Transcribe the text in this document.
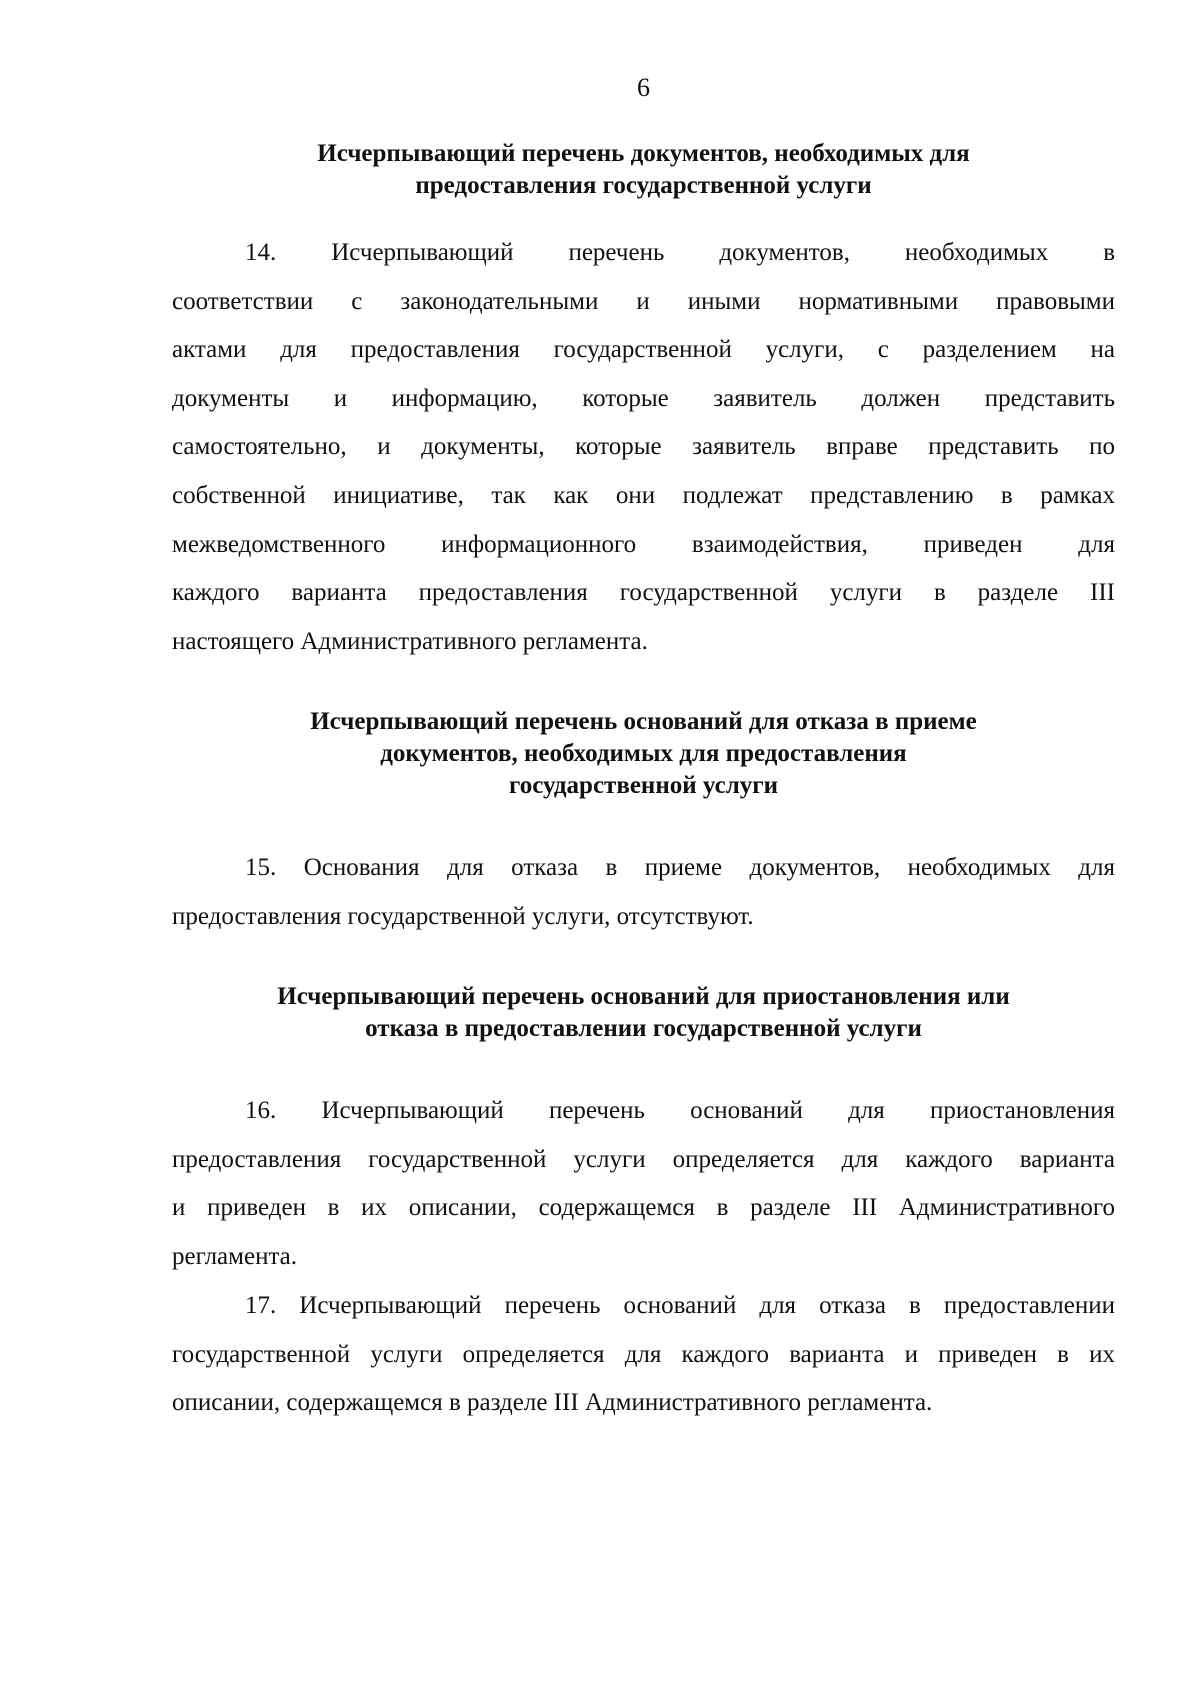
6
Исчерпывающий перечень документов, необходимых для
предоставления государственной услуги
14. Исчерпывающий перечень документов, необходимых в
соответствии с законодательными и иными нормативными правовыми
актами для предоставления государственной услуги, с разделением на
документы и информацию, которые заявитель должен представить
самостоятельно, и документы, которые заявитель вправе представить по
собственной инициативе, так как они подлежат представлению в рамках
межведомственного информационного взаимодействия, приведен для
каждого варианта предоставления государственной услуги в разделе III
настоящего Административного регламента.
Исчерпывающий перечень оснований для отказа в приеме
документов, необходимых для предоставления
государственной услуги
15. Основания для отказа в приеме документов, необходимых для
предоставления государственной услуги, отсутствуют.
Исчерпывающий перечень оснований для приостановления или
отказа в предоставлении государственной услуги
16. Исчерпывающий перечень оснований для приостановления
предоставления государственной услуги определяется для каждого варианта
и приведен в их описании, содержащемся в разделе III Административного
регламента.
17. Исчерпывающий перечень оснований для отказа в предоставлении
государственной услуги определяется для каждого варианта и приведен в их
описании, содержащемся в разделе III Административного регламента.
